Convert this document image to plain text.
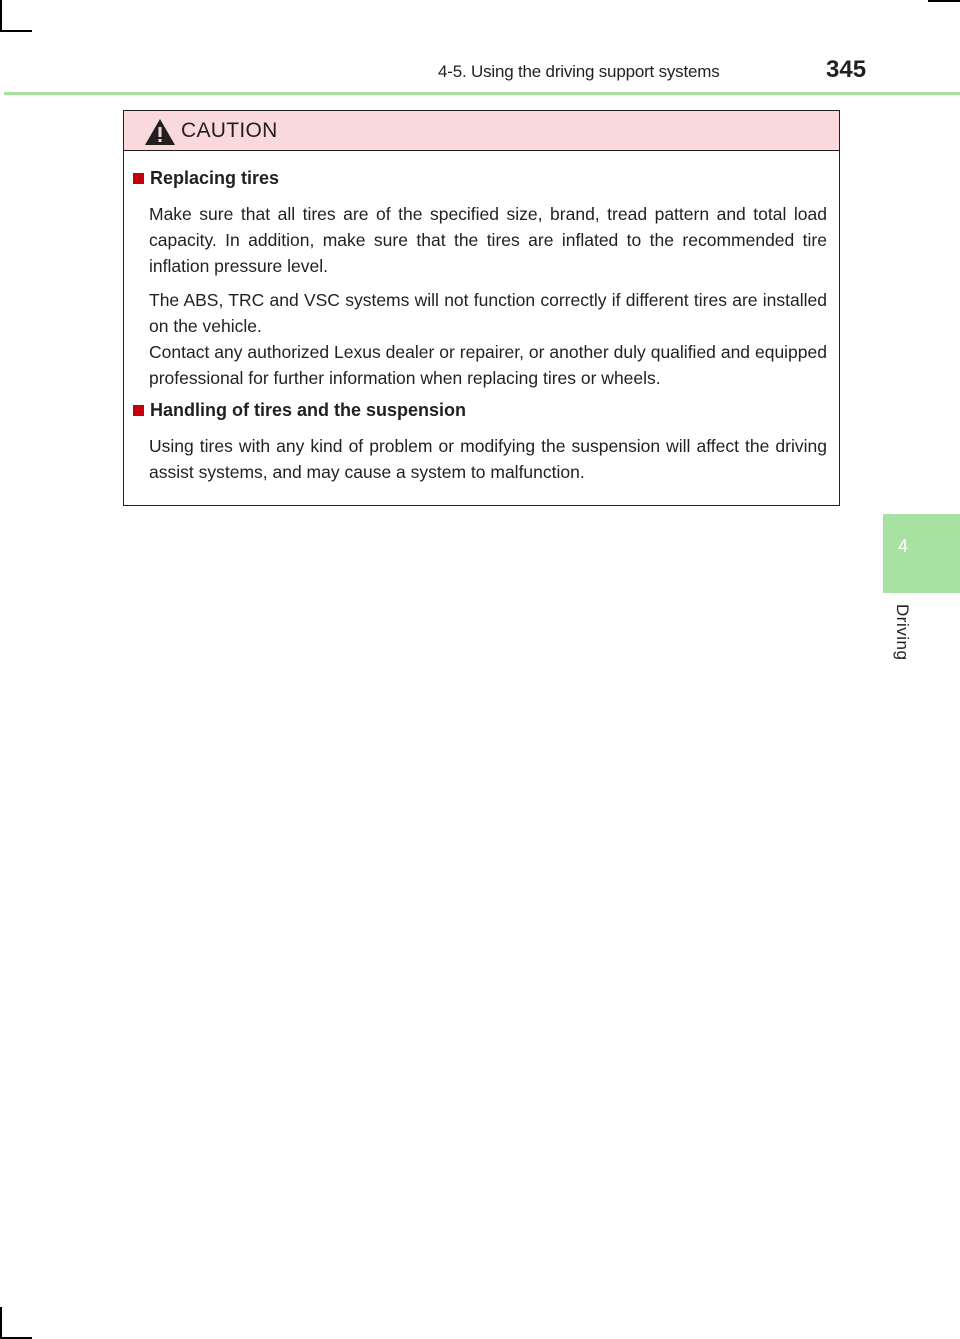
4-5. Using the driving support systems	345
4
Driving
CAUTION
Replacing tires
Make sure that all tires are of the specified size, brand, tread pattern and total load capacity. In addition, make sure that the tires are inflated to the recommended tire inflation pressure level.
The ABS, TRC and VSC systems will not function correctly if different tires are installed on the vehicle.
Contact any authorized Lexus dealer or repairer, or another duly qualified and equipped professional for further information when replacing tires or wheels.
Handling of tires and the suspension
Using tires with any kind of problem or modifying the suspension will affect the driving assist systems, and may cause a system to malfunction.
